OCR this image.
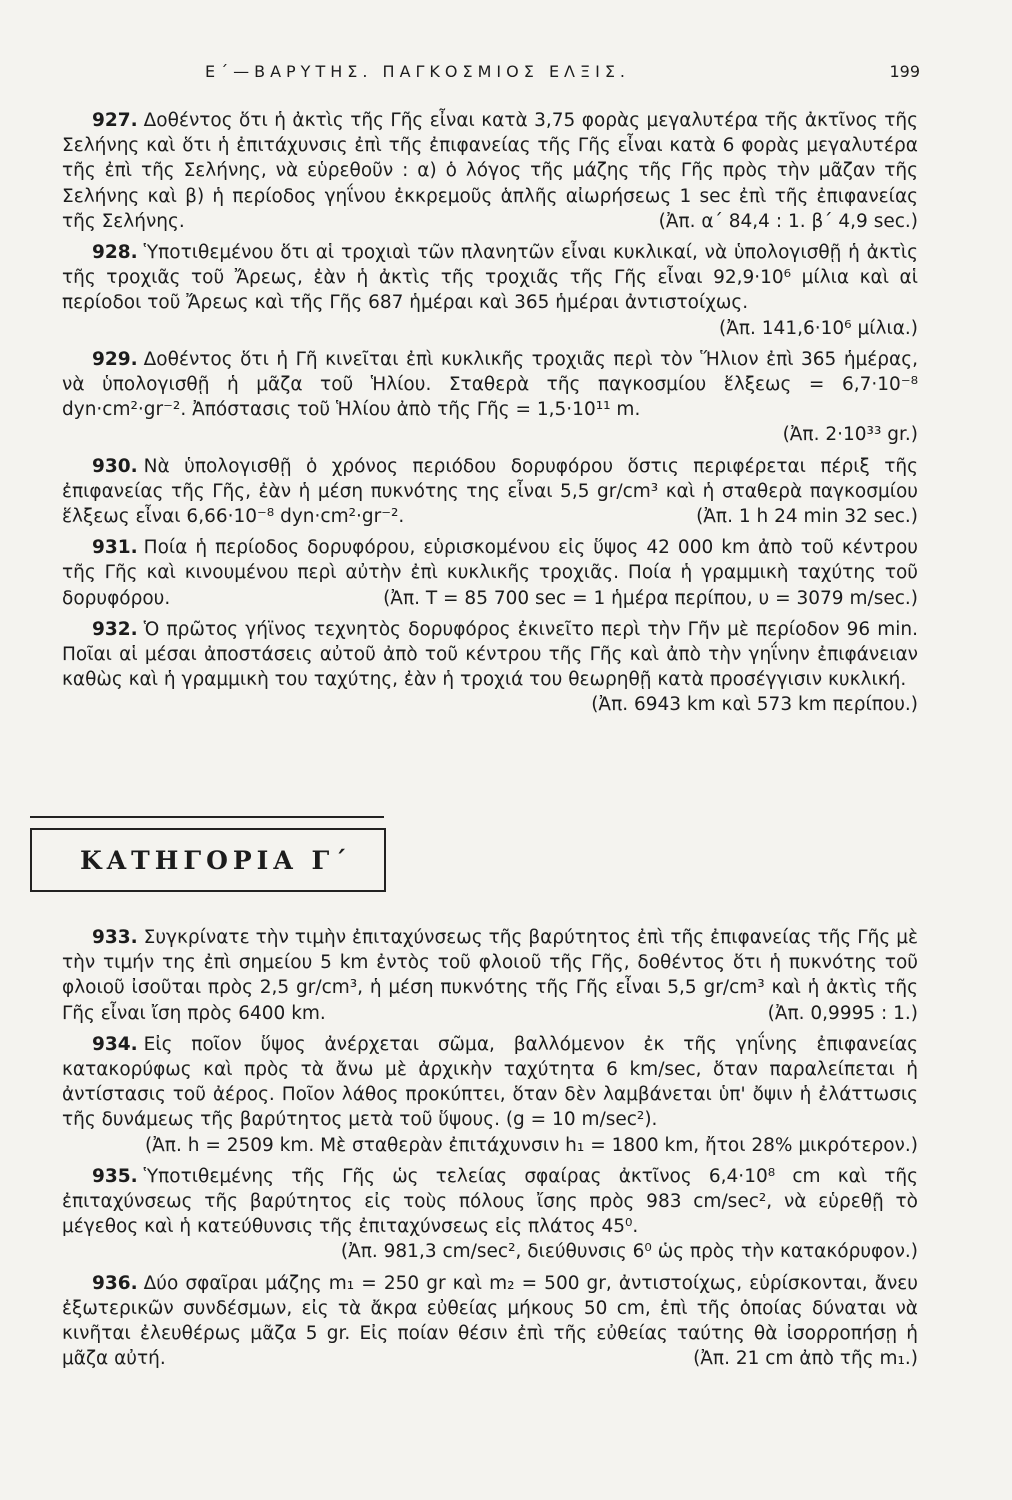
Ε΄—ΒΑΡΥΤΗΣ. ΠΑΓΚΟΣΜΙΟΣ ΕΛΞΙΣ.	199

927. Δοθέντος ὅτι ἡ ἀκτὶς τῆς Γῆς εἶναι κατὰ 3,75 φορὰς μεγαλυτέρα τῆς ἀκτῖνος τῆς Σελήνης καὶ ὅτι ἡ ἐπιτάχυνσις ἐπὶ τῆς ἐπιφανείας τῆς Γῆς εἶναι κατὰ 6 φορὰς μεγαλυτέρα τῆς ἐπὶ τῆς Σελήνης, νὰ εὑρεθοῦν : α) ὁ λόγος τῆς μάζης τῆς Γῆς πρὸς τὴν μᾶζαν τῆς Σελήνης καὶ β) ἡ περίοδος γηΐνου ἐκκρεμοῦς ἁπλῆς αἰωρήσεως 1 sec ἐπὶ τῆς ἐπιφανείας τῆς Σελήνης.	(Ἀπ. α΄ 84,4 : 1. β΄ 4,9 sec.)

928. Ὑποτιθεμένου ὅτι αἱ τροχιαὶ τῶν πλανητῶν εἶναι κυκλικαί, νὰ ὑπολογισθῇ ἡ ἀκτὶς τῆς τροχιᾶς τοῦ Ἄρεως, ἐὰν ἡ ἀκτὶς τῆς τροχιᾶς τῆς Γῆς εἶναι 92,9·10⁶ μίλια καὶ αἱ περίοδοι τοῦ Ἄρεως καὶ τῆς Γῆς 687 ἡμέραι καὶ 365 ἡμέραι ἀντιστοίχως.
(Ἀπ. 141,6·10⁶ μίλια.)

929. Δοθέντος ὅτι ἡ Γῆ κινεῖται ἐπὶ κυκλικῆς τροχιᾶς περὶ τὸν Ἥλιον ἐπὶ 365 ἡμέρας, νὰ ὑπολογισθῇ ἡ μᾶζα τοῦ Ἡλίου. Σταθερὰ τῆς παγκοσμίου ἕλξεως = 6,7·10⁻⁸ dyn·cm²·gr⁻². Ἀπόστασις τοῦ Ἡλίου ἀπὸ τῆς Γῆς = 1,5·10¹¹ m.
(Ἀπ. 2·10³³ gr.)

930. Νὰ ὑπολογισθῇ ὁ χρόνος περιόδου δορυφόρου ὅστις περιφέρεται πέριξ τῆς ἐπιφανείας τῆς Γῆς, ἐὰν ἡ μέση πυκνότης της εἶναι 5,5 gr/cm³ καὶ ἡ σταθερὰ παγκοσμίου ἕλξεως εἶναι 6,66·10⁻⁸ dyn·cm²·gr⁻².	(Ἀπ. 1 h 24 min 32 sec.)

931. Ποία ἡ περίοδος δορυφόρου, εὑρισκομένου εἰς ὕψος 42 000 km ἀπὸ τοῦ κέντρου τῆς Γῆς καὶ κινουμένου περὶ αὐτὴν ἐπὶ κυκλικῆς τροχιᾶς. Ποία ἡ γραμμικὴ ταχύτης τοῦ δορυφόρου.	(Ἀπ. T = 85 700 sec = 1 ἡμέρα περίπου, υ = 3079 m/sec.)

932. Ὁ πρῶτος γήϊνος τεχνητὸς δορυφόρος ἐκινεῖτο περὶ τὴν Γῆν μὲ περίοδον 96 min. Ποῖαι αἱ μέσαι ἀποστάσεις αὐτοῦ ἀπὸ τοῦ κέντρου τῆς Γῆς καὶ ἀπὸ τὴν γηΐνην ἐπιφάνειαν καθὼς καὶ ἡ γραμμικὴ του ταχύτης, ἐὰν ἡ τροχιά του θεωρηθῇ κατὰ προσέγγισιν κυκλική.
(Ἀπ. 6943 km καὶ 573 km περίπου.)

ΚΑΤΗΓΟΡΙΑ Γ΄

933. Συγκρίνατε τὴν τιμὴν ἐπιταχύνσεως τῆς βαρύτητος ἐπὶ τῆς ἐπιφανείας τῆς Γῆς μὲ τὴν τιμήν της ἐπὶ σημείου 5 km ἐντὸς τοῦ φλοιοῦ τῆς Γῆς, δοθέντος ὅτι ἡ πυκνότης τοῦ φλοιοῦ ἰσοῦται πρὸς 2,5 gr/cm³, ἡ μέση πυκνότης τῆς Γῆς εἶναι 5,5 gr/cm³ καὶ ἡ ἀκτὶς τῆς Γῆς εἶναι ἴση πρὸς 6400 km.	(Ἀπ. 0,9995 : 1.)

934. Εἰς ποῖον ὕψος ἀνέρχεται σῶμα, βαλλόμενον ἐκ τῆς γηΐνης ἐπιφανείας κατακορύφως καὶ πρὸς τὰ ἄνω μὲ ἀρχικὴν ταχύτητα 6 km/sec, ὅταν παραλείπεται ἡ ἀντίστασις τοῦ ἀέρος. Ποῖον λάθος προκύπτει, ὅταν δὲν λαμβάνεται ὑπ' ὄψιν ἡ ἐλάττωσις τῆς δυνάμεως τῆς βαρύτητος μετὰ τοῦ ὕψους. (g = 10 m/sec²).
(Ἀπ. h = 2509 km. Μὲ σταθερὰν ἐπιτάχυνσιν h₁ = 1800 km, ἤτοι 28% μικρότερον.)

935. Ὑποτιθεμένης τῆς Γῆς ὡς τελείας σφαίρας ἀκτῖνος 6,4·10⁸ cm καὶ τῆς ἐπιταχύνσεως τῆς βαρύτητος εἰς τοὺς πόλους ἴσης πρὸς 983 cm/sec², νὰ εὑρεθῇ τὸ μέγεθος καὶ ἡ κατεύθυνσις τῆς ἐπιταχύνσεως εἰς πλάτος 45⁰.
(Ἀπ. 981,3 cm/sec², διεύθυνσις 6⁰ ὡς πρὸς τὴν κατακόρυφον.)

936. Δύο σφαῖραι μάζης m₁ = 250 gr καὶ m₂ = 500 gr, ἀντιστοίχως, εὑρίσκονται, ἄνευ ἐξωτερικῶν συνδέσμων, εἰς τὰ ἄκρα εὐθείας μήκους 50 cm, ἐπὶ τῆς ὁποίας δύναται νὰ κινῆται ἐλευθέρως μᾶζα 5 gr. Εἰς ποίαν θέσιν ἐπὶ τῆς εὐθείας ταύτης θὰ ἰσορροπήσῃ ἡ μᾶζα αὐτή.	(Ἀπ. 21 cm ἀπὸ τῆς m₁.)
